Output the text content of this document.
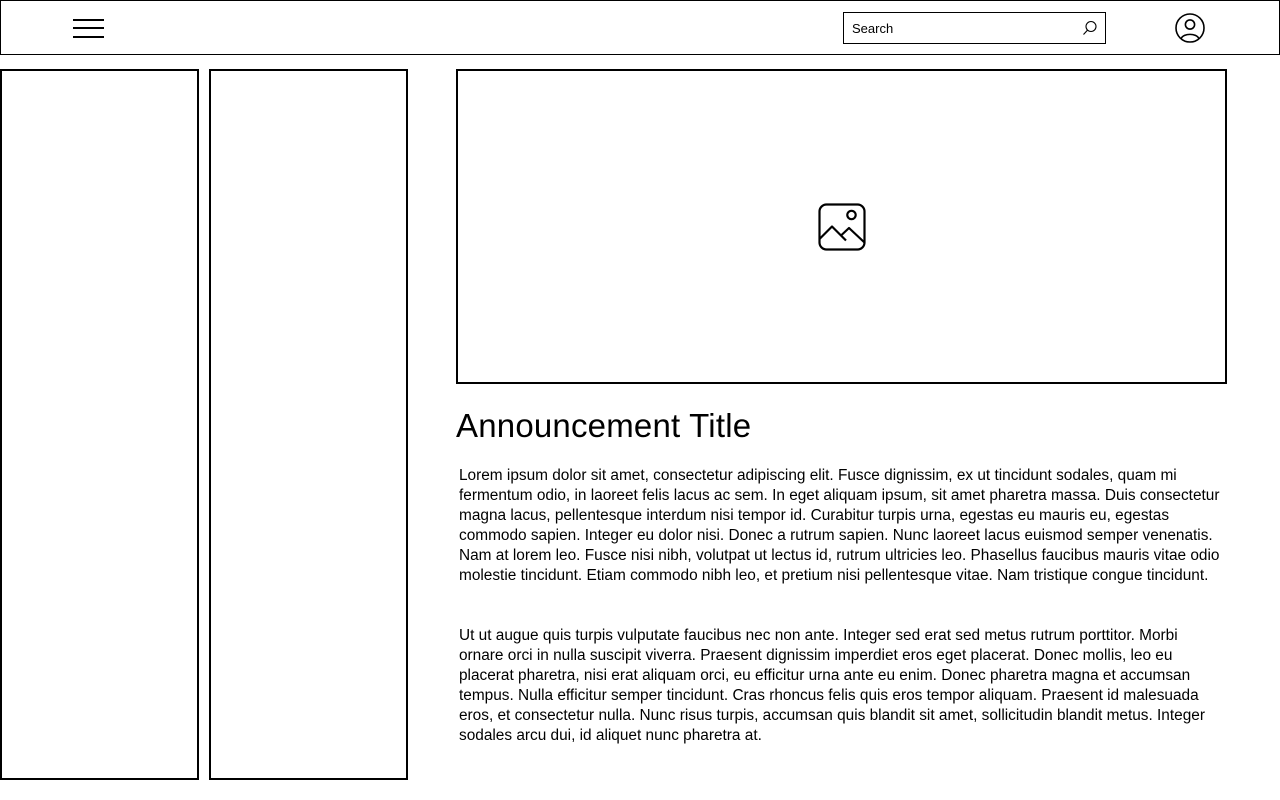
Search
Announcement Title

Lorem ipsum dolor sit amet, consectetur adipiscing elit. Fusce dignissim, ex ut tincidunt sodales, quam mi fermentum odio, in laoreet felis lacus ac sem. In eget aliquam ipsum, sit amet pharetra massa. Duis consectetur magna lacus, pellentesque interdum nisi tempor id. Curabitur turpis urna, egestas eu mauris eu, egestas commodo sapien. Integer eu dolor nisi. Donec a rutrum sapien. Nunc laoreet lacus euismod semper venenatis. Nam at lorem leo. Fusce nisi nibh, volutpat ut lectus id, rutrum ultricies leo. Phasellus faucibus mauris vitae odio molestie tincidunt. Etiam commodo nibh leo, et pretium nisi pellentesque vitae. Nam tristique congue tincidunt.

Ut ut augue quis turpis vulputate faucibus nec non ante. Integer sed erat sed metus rutrum porttitor. Morbi ornare orci in nulla suscipit viverra. Praesent dignissim imperdiet eros eget placerat. Donec mollis, leo eu placerat pharetra, nisi erat aliquam orci, eu efficitur urna ante eu enim. Donec pharetra magna et accumsan tempus. Nulla efficitur semper tincidunt. Cras rhoncus felis quis eros tempor aliquam. Praesent id malesuada eros, et consectetur nulla. Nunc risus turpis, accumsan quis blandit sit amet, sollicitudin blandit metus. Integer sodales arcu dui, id aliquet nunc pharetra at.
